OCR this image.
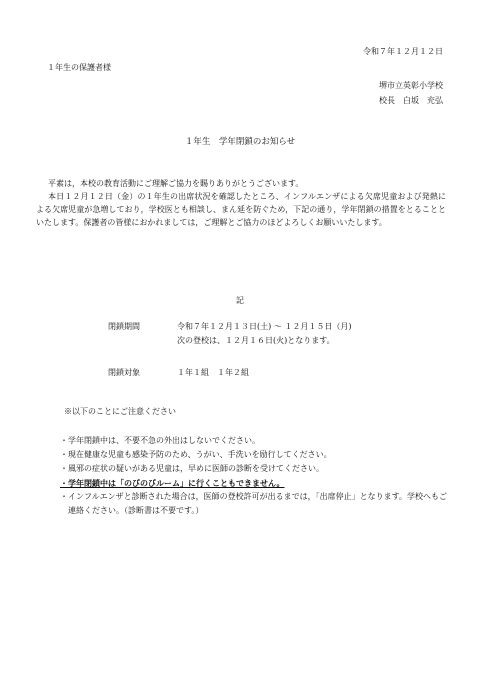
令和７年１２月１２日
１年生の保護者様
堺市立英彰小学校
校長　白坂　充弘
１年生　学年閉鎖のお知らせ

平素は，本校の教育活動にご理解ご協力を賜りありがとうございます。

本日１２月１２日（金）の１年生の出席状況を確認したところ、インフルエンザによる欠席児童および発熱による欠席児童が急増しており，学校医とも相談し、まん延を防ぐため，下記の通り，学年閉鎖の措置をとることといたします。保護者の皆様におかれましては，ご理解とご協力のほどよろしくお願いいたします。

記
閉鎖期間	令和７年１２月１３日(土) ～ １２月１５日（月)
次の登校は、１２月１６日(火)となります。
閉鎖対象	１年１組　１年２組
※以下のことにご注意ください
・学年閉鎖中は、不要不急の外出はしないでください。
・現在健康な児童も感染予防のため、うがい、手洗いを励行してください。
・風邪の症状の疑いがある児童は，早めに医師の診断を受けてください。
・学年閉鎖中は「のびのびルーム」に行くこともできません。
・インフルエンザと診断された場合は，医師の登校許可が出るまでは，「出席停止」となります。学校へもご連絡ください。（診断書は不要です。）
